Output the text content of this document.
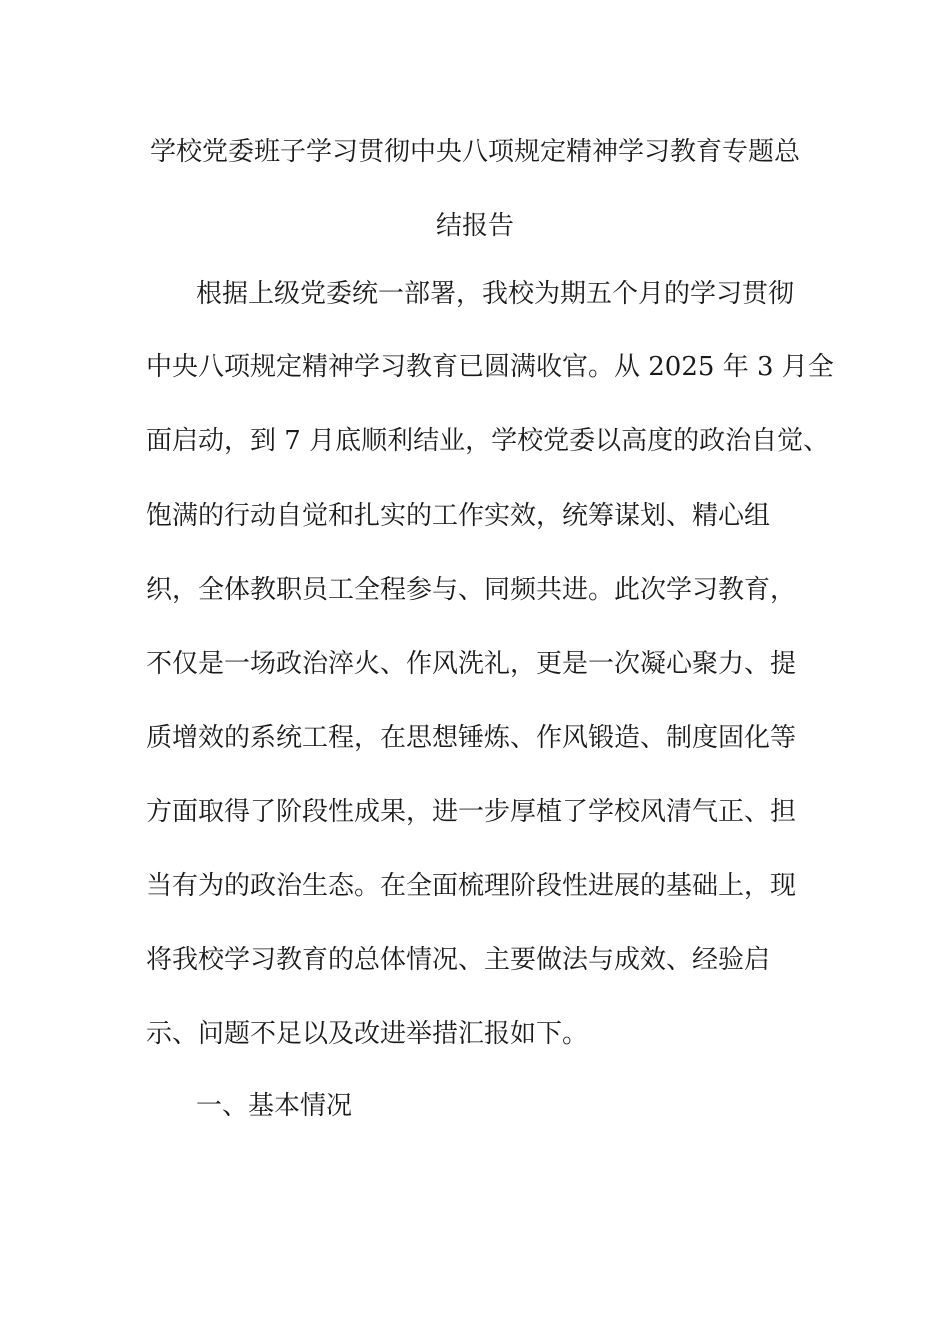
学校党委班子学习贯彻中央八项规定精神学习教育专题总
结报告
根据上级党委统一部署，我校为期五个月的学习贯彻
中央八项规定精神学习教育已圆满收官。从 2025 年 3 月全
面启动，到 7 月底顺利结业，学校党委以高度的政治自觉、
饱满的行动自觉和扎实的工作实效，统筹谋划、精心组
织，全体教职员工全程参与、同频共进。此次学习教育，
不仅是一场政治淬火、作风洗礼，更是一次凝心聚力、提
质增效的系统工程，在思想锤炼、作风锻造、制度固化等
方面取得了阶段性成果，进一步厚植了学校风清气正、担
当有为的政治生态。在全面梳理阶段性进展的基础上，现
将我校学习教育的总体情况、主要做法与成效、经验启
示、问题不足以及改进举措汇报如下。
一、基本情况
